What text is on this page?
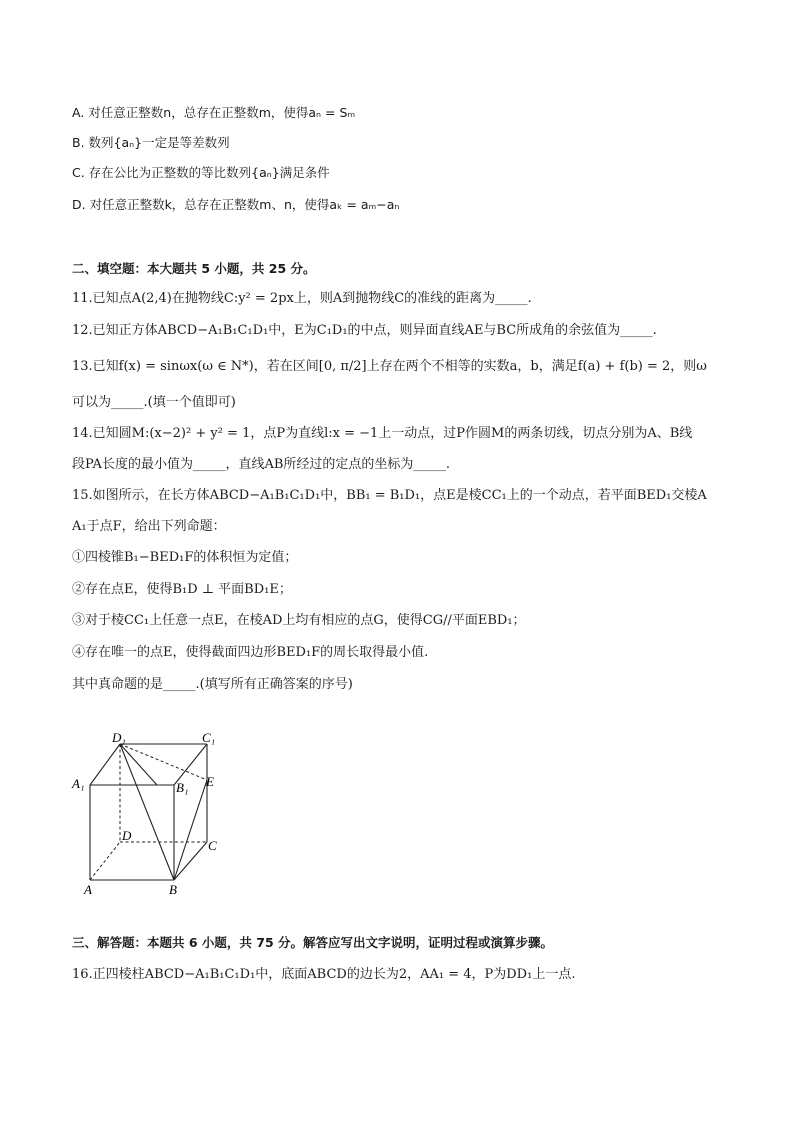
A. 对任意正整数n，总存在正整数m，使得aₙ = Sₘ
B. 数列{aₙ}一定是等差数列
C. 存在公比为正整数的等比数列{aₙ}满足条件
D. 对任意正整数k，总存在正整数m、n，使得aₖ = aₘ−aₙ
二、填空题：本大题共 5 小题，共 25 分。
11.已知点A(2,4)在抛物线C:y² = 2px上，则A到抛物线C的准线的距离为_____.
12.已知正方体ABCD−A₁B₁C₁D₁中，E为C₁D₁的中点，则异面直线AE与BC所成角的余弦值为_____.
13.已知f(x) = sinωx(ω ∈ N*)，若在区间[0, π/2]上存在两个不相等的实数a，b，满足f(a) + f(b) = 2，则ω
可以为_____.(填一个值即可)
14.已知圆M:(x−2)² + y² = 1，点P为直线l:x = −1上一动点，过P作圆M的两条切线，切点分别为A、B线
段PA长度的最小值为_____，直线AB所经过的定点的坐标为_____.
15.如图所示，在长方体ABCD−A₁B₁C₁D₁中，BB₁ = B₁D₁，点E是棱CC₁上的一个动点，若平面BED₁交棱A
A₁于点F，给出下列命题：
①四棱锥B₁−BED₁F的体积恒为定值；
②存在点E，使得B₁D ⊥ 平面BD₁E；
③对于棱CC₁上任意一点E，在棱AD上均有相应的点G，使得CG//平面EBD₁；
④存在唯一的点E，使得截面四边形BED₁F的周长取得最小值.
其中真命题的是_____.(填写所有正确答案的序号)
D₁	C₁
A₁	B₁ E
D
C
A	B
三、解答题：本题共 6 小题，共 75 分。解答应写出文字说明，证明过程或演算步骤。
16.正四棱柱ABCD−A₁B₁C₁D₁中，底面ABCD的边长为2，AA₁ = 4，P为DD₁上一点.
